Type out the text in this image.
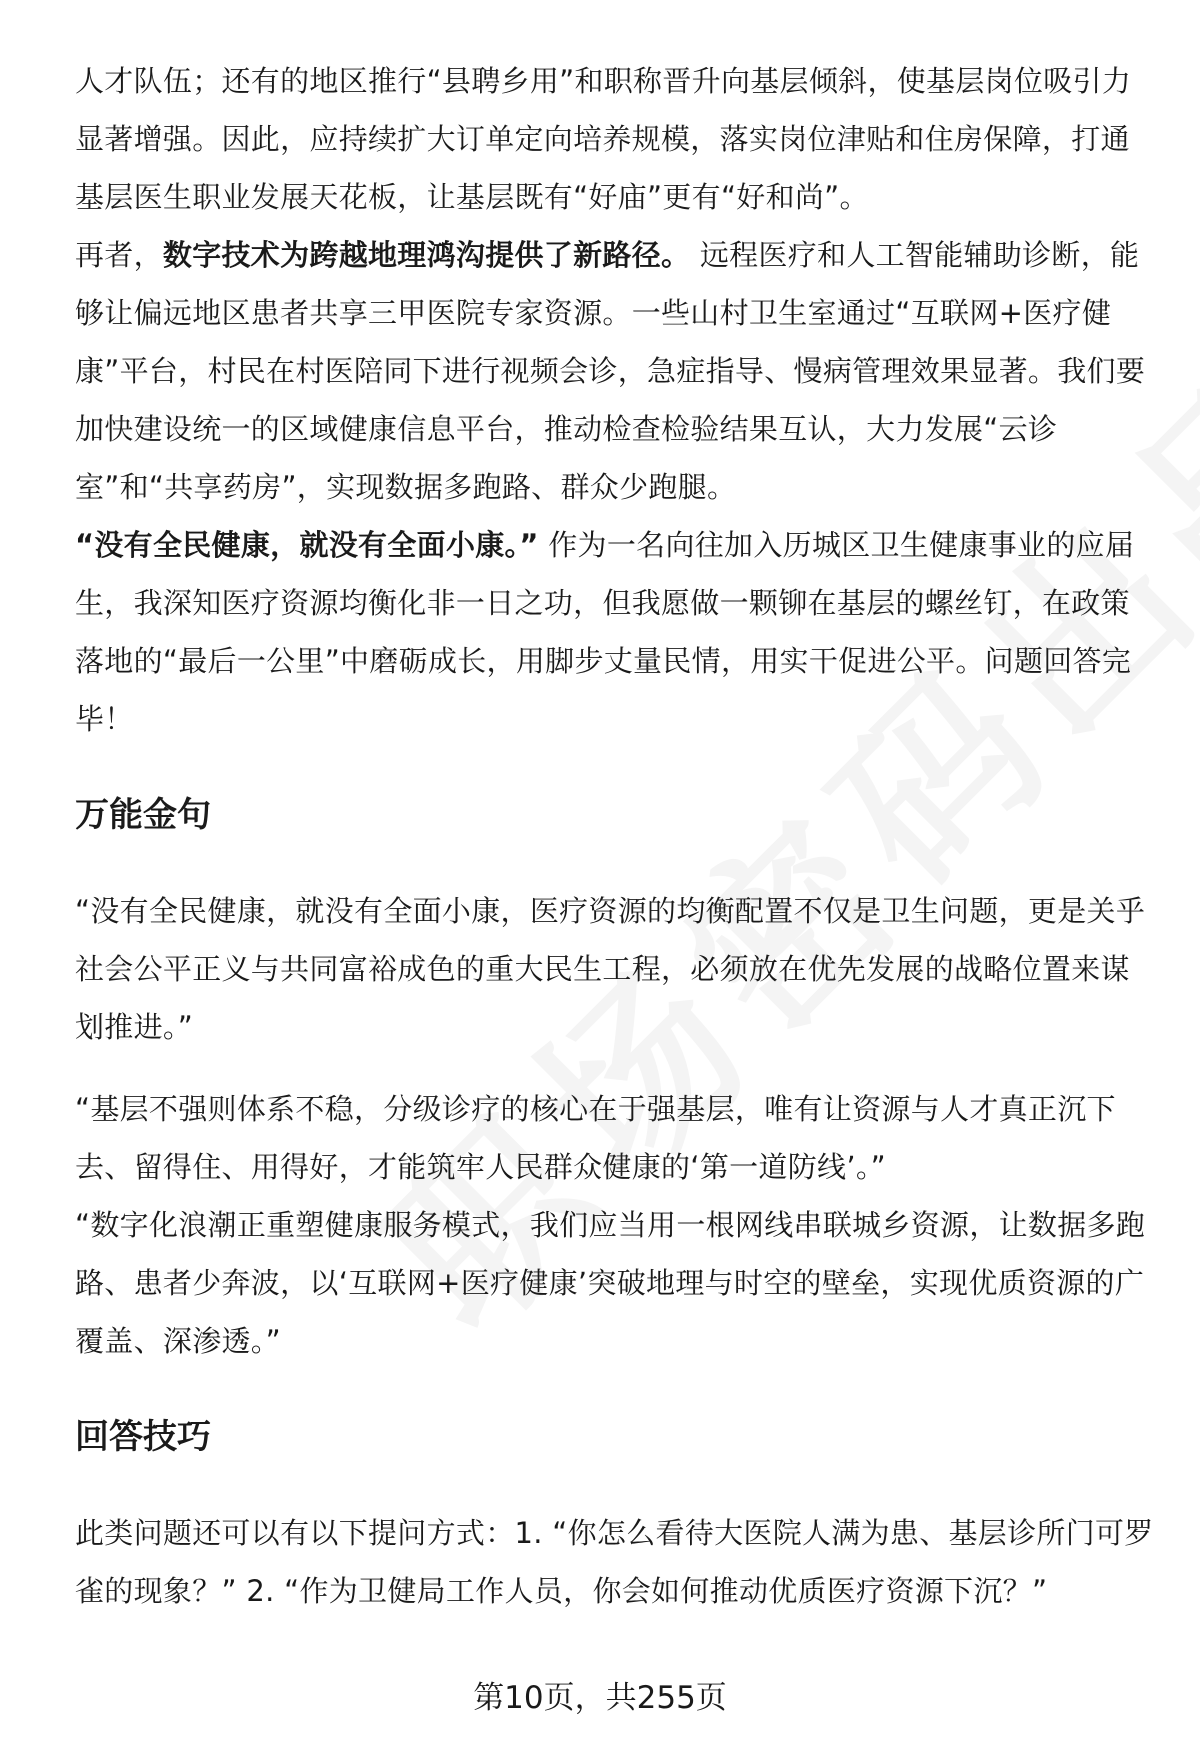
人才队伍；还有的地区推行“县聘乡用”和职称晋升向基层倾斜，使基层岗位吸引力显著增强。因此，应持续扩大订单定向培养规模，落实岗位津贴和住房保障，打通基层医生职业发展天花板，让基层既有“好庙”更有“好和尚”。

再者，数字技术为跨越地理鸿沟提供了新路径。 远程医疗和人工智能辅助诊断，能够让偏远地区患者共享三甲医院专家资源。一些山村卫生室通过“互联网+医疗健康”平台，村民在村医陪同下进行视频会诊，急症指导、慢病管理效果显著。我们要加快建设统一的区域健康信息平台，推动检查检验结果互认，大力发展“云诊室”和“共享药房”，实现数据多跑路、群众少跑腿。

“没有全民健康，就没有全面小康。” 作为一名向往加入历城区卫生健康事业的应届生，我深知医疗资源均衡化非一日之功，但我愿做一颗铆在基层的螺丝钉，在政策落地的“最后一公里”中磨砺成长，用脚步丈量民情，用实干促进公平。问题回答完毕！

万能金句

“没有全民健康，就没有全面小康，医疗资源的均衡配置不仅是卫生问题，更是关乎社会公平正义与共同富裕成色的重大民生工程，必须放在优先发展的战略位置来谋划推进。”

“基层不强则体系不稳，分级诊疗的核心在于强基层，唯有让资源与人才真正沉下去、留得住、用得好，才能筑牢人民群众健康的‘第一道防线’。”

“数字化浪潮正重塑健康服务模式，我们应当用一根网线串联城乡资源，让数据多跑路、患者少奔波，以‘互联网+医疗健康’突破地理与时空的壁垒，实现优质资源的广覆盖、深渗透。”

回答技巧

此类问题还可以有以下提问方式：1. “你怎么看待大医院人满为患、基层诊所门可罗雀的现象？” 2. “作为卫健局工作人员，你会如何推动优质医疗资源下沉？”

第10页，共255页
